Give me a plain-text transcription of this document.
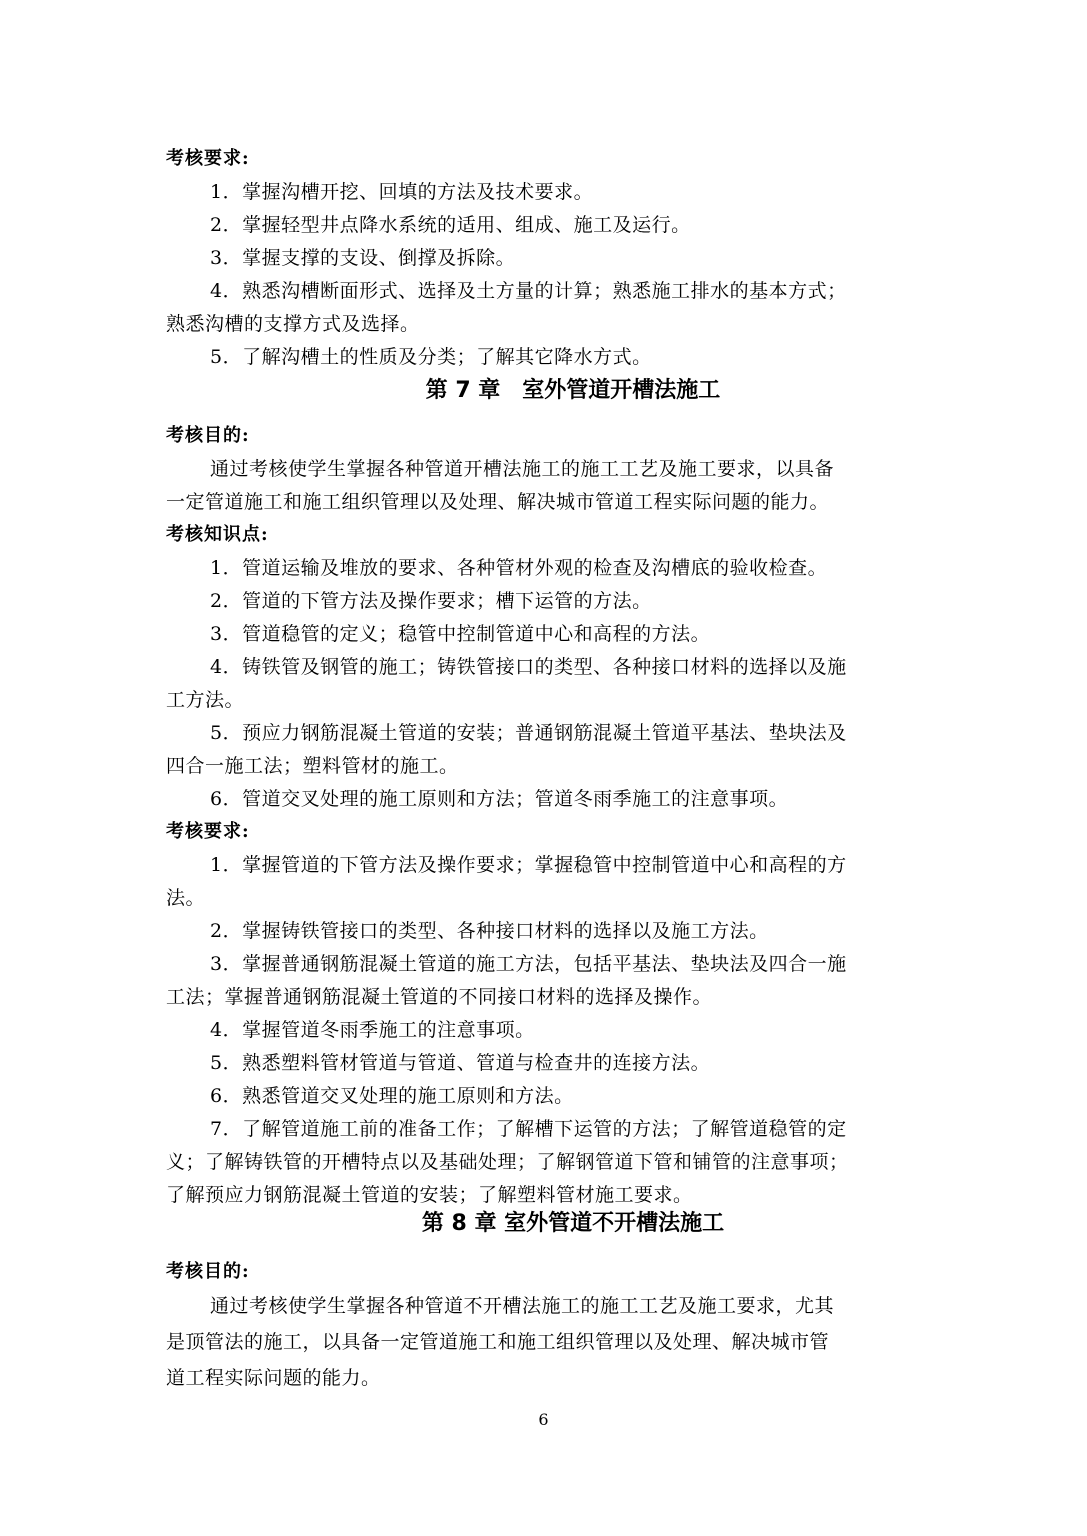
考核要求:
1．掌握沟槽开挖、回填的方法及技术要求。
2．掌握轻型井点降水系统的适用、组成、施工及运行。
3．掌握支撑的支设、倒撑及拆除。
4．熟悉沟槽断面形式、选择及土方量的计算；熟悉施工排水的基本方式；
熟悉沟槽的支撑方式及选择。
5．了解沟槽土的性质及分类；了解其它降水方式。
第 7 章　室外管道开槽法施工
考核目的:
通过考核使学生掌握各种管道开槽法施工的施工工艺及施工要求，以具备
一定管道施工和施工组织管理以及处理、解决城市管道工程实际问题的能力。
考核知识点:
1．管道运输及堆放的要求、各种管材外观的检查及沟槽底的验收检查。
2．管道的下管方法及操作要求；槽下运管的方法。
3．管道稳管的定义；稳管中控制管道中心和高程的方法。
4．铸铁管及钢管的施工；铸铁管接口的类型、各种接口材料的选择以及施
工方法。
5．预应力钢筋混凝土管道的安装；普通钢筋混凝土管道平基法、垫块法及
四合一施工法；塑料管材的施工。
6．管道交叉处理的施工原则和方法；管道冬雨季施工的注意事项。
考核要求:
1．掌握管道的下管方法及操作要求；掌握稳管中控制管道中心和高程的方
法。
2．掌握铸铁管接口的类型、各种接口材料的选择以及施工方法。
3．掌握普通钢筋混凝土管道的施工方法，包括平基法、垫块法及四合一施
工法；掌握普通钢筋混凝土管道的不同接口材料的选择及操作。
4．掌握管道冬雨季施工的注意事项。
5．熟悉塑料管材管道与管道、管道与检查井的连接方法。
6．熟悉管道交叉处理的施工原则和方法。
7．了解管道施工前的准备工作；了解槽下运管的方法；了解管道稳管的定
义；了解铸铁管的开槽特点以及基础处理；了解钢管道下管和铺管的注意事项；
了解预应力钢筋混凝土管道的安装；了解塑料管材施工要求。
第 8 章 室外管道不开槽法施工
考核目的:
通过考核使学生掌握各种管道不开槽法施工的施工工艺及施工要求，尤其
是顶管法的施工，以具备一定管道施工和施工组织管理以及处理、解决城市管
道工程实际问题的能力。
6
